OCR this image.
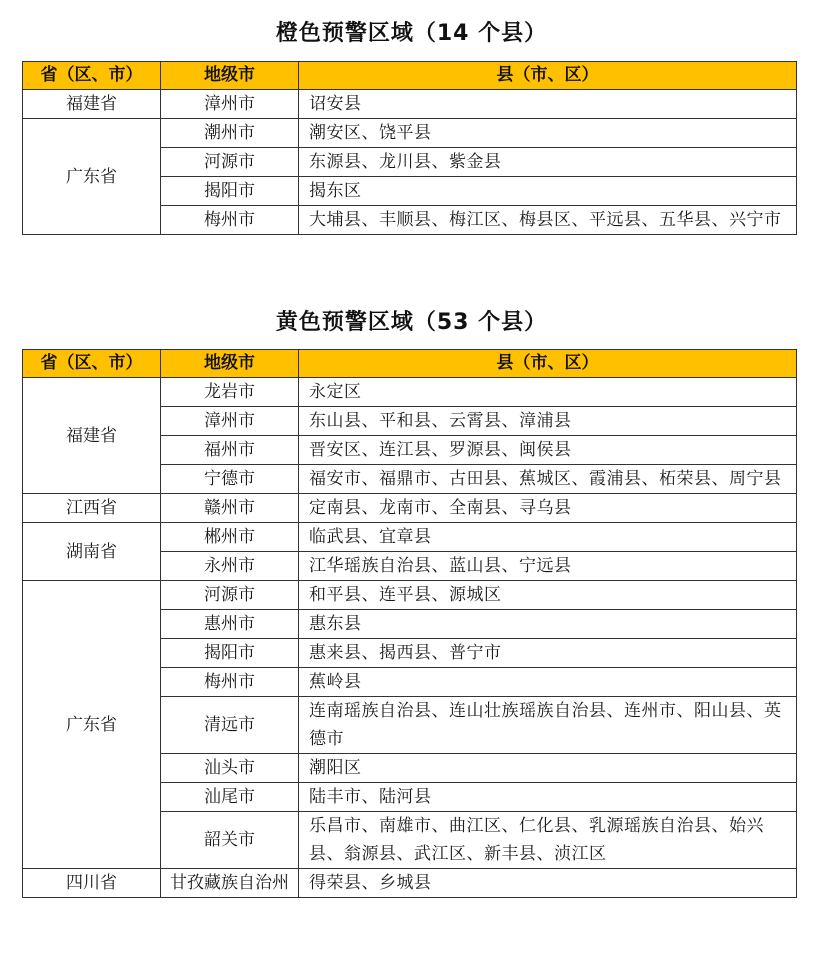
橙色预警区域（14 个县）
省（区、市）	地级市	县（市、区）
福建省	漳州市	诏安县
广东省	潮州市	潮安区、饶平县
	河源市	东源县、龙川县、紫金县
	揭阳市	揭东区
	梅州市	大埔县、丰顺县、梅江区、梅县区、平远县、五华县、兴宁市
黄色预警区域（53 个县）
省（区、市）	地级市	县（市、区）
福建省	龙岩市	永定区
	漳州市	东山县、平和县、云霄县、漳浦县
	福州市	晋安区、连江县、罗源县、闽侯县
	宁德市	福安市、福鼎市、古田县、蕉城区、霞浦县、柘荣县、周宁县
江西省	赣州市	定南县、龙南市、全南县、寻乌县
湖南省	郴州市	临武县、宜章县
	永州市	江华瑶族自治县、蓝山县、宁远县
广东省	河源市	和平县、连平县、源城区
	惠州市	惠东县
	揭阳市	惠来县、揭西县、普宁市
	梅州市	蕉岭县
	清远市	连南瑶族自治县、连山壮族瑶族自治县、连州市、阳山县、英德市
	汕头市	潮阳区
	汕尾市	陆丰市、陆河县
	韶关市	乐昌市、南雄市、曲江区、仁化县、乳源瑶族自治县、始兴县、翁源县、武江区、新丰县、浈江区
四川省	甘孜藏族自治州	得荣县、乡城县
